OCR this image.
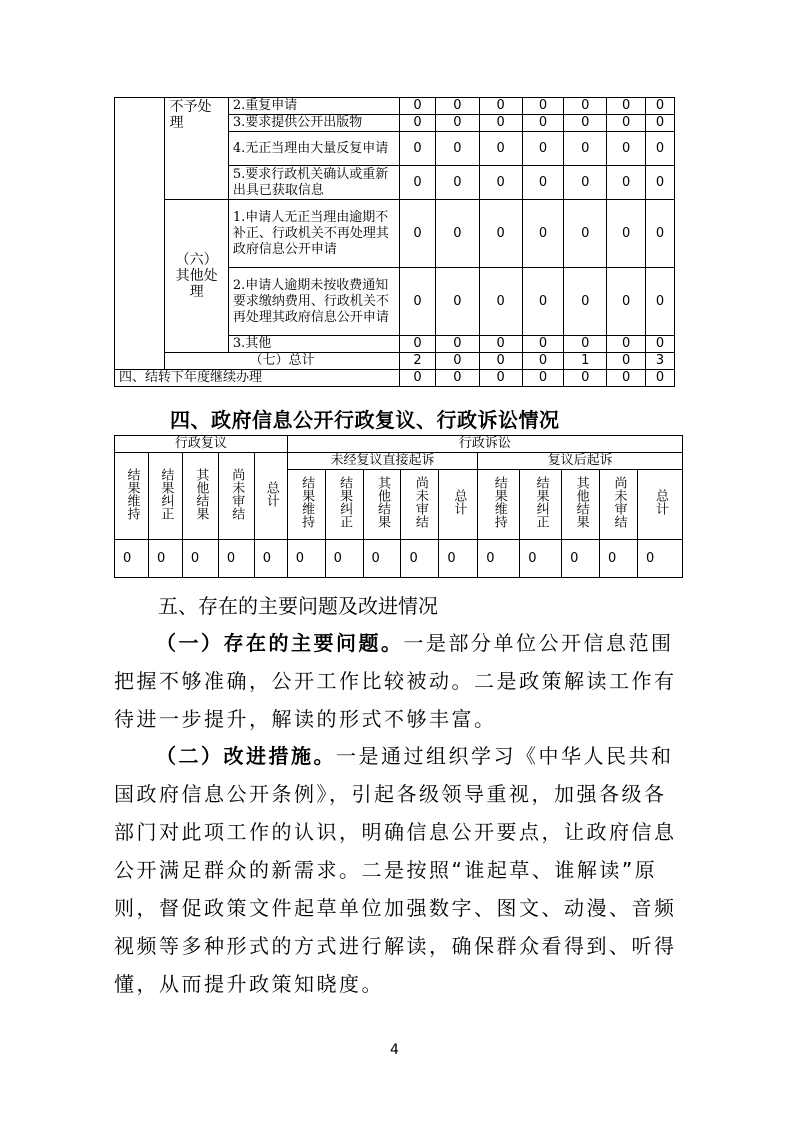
	不予处理	2.重复申请	0	0	0	0	0	0	0
		3.要求提供公开出版物	0	0	0	0	0	0	0
		4.无正当理由大量反复申请	0	0	0	0	0	0	0
		5.要求行政机关确认或重新出具已获取信息	0	0	0	0	0	0	0
	（六）其他处理	1.申请人无正当理由逾期不补正、行政机关不再处理其政府信息公开申请	0	0	0	0	0	0	0
		2.申请人逾期未按收费通知要求缴纳费用、行政机关不再处理其政府信息公开申请	0	0	0	0	0	0	0
		3.其他	0	0	0	0	0	0	0
	（七）总计		2	0	0	0	1	0	3
四、结转下年度继续办理			0	0	0	0	0	0	0
四、政府信息公开行政复议、行政诉讼情况
行政复议					行政诉讼									
结果维持	结果纠正	其他结果	尚未审结	总计	未经复议直接起诉					复议后起诉				
					结果维持	结果纠正	其他结果	尚未审结	总计	结果维持	结果纠正	其他结果	尚未审结	总计
0	0	0	0	0	0	0	0	0	0	0	0	0	0	0
五、存在的主要问题及改进情况
（一）存在的主要问题。一是部分单位公开信息范围把握不够准确，公开工作比较被动。二是政策解读工作有待进一步提升，解读的形式不够丰富。
（二）改进措施。一是通过组织学习《中华人民共和国政府信息公开条例》，引起各级领导重视，加强各级各部门对此项工作的认识，明确信息公开要点，让政府信息公开满足群众的新需求。二是按照“谁起草、谁解读”原则，督促政策文件起草单位加强数字、图文、动漫、音频视频等多种形式的方式进行解读，确保群众看得到、听得懂，从而提升政策知晓度。
4
